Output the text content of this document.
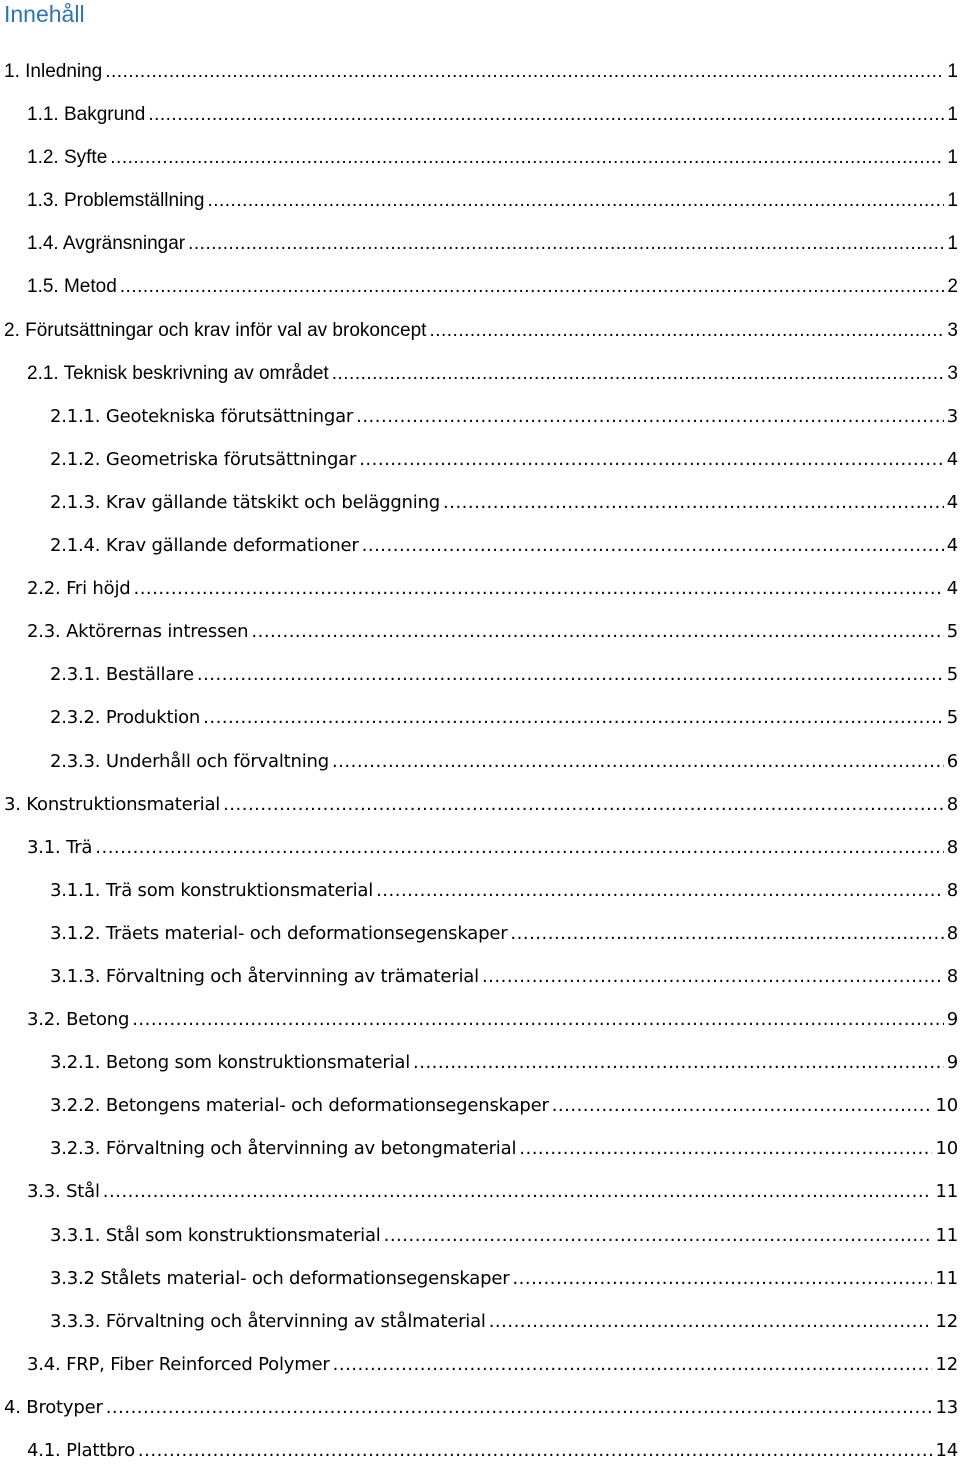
Innehåll
1. Inledning .....	1
1.1. Bakgrund .....	1
1.2. Syfte .....	1
1.3. Problemställning .....	1
1.4. Avgränsningar .....	1
1.5. Metod .....	2
2. Förutsättningar och krav inför val av brokoncept .....	3
2.1. Teknisk beskrivning av området .....	3
2.1.1. Geotekniska förutsättningar .....	3
2.1.2. Geometriska förutsättningar .....	4
2.1.3. Krav gällande tätskikt och beläggning .....	4
2.1.4. Krav gällande deformationer .....	4
2.2. Fri höjd .....	4
2.3. Aktörernas intressen .....	5
2.3.1. Beställare .....	5
2.3.2. Produktion .....	5
2.3.3. Underhåll och förvaltning .....	6
3. Konstruktionsmaterial .....	8
3.1. Trä .....	8
3.1.1. Trä som konstruktionsmaterial .....	8
3.1.2. Träets material- och deformationsegenskaper .....	8
3.1.3. Förvaltning och återvinning av trämaterial .....	8
3.2. Betong .....	9
3.2.1. Betong som konstruktionsmaterial .....	9
3.2.2. Betongens material- och deformationsegenskaper .....	10
3.2.3. Förvaltning och återvinning av betongmaterial .....	10
3.3. Stål .....	11
3.3.1. Stål som konstruktionsmaterial .....	11
3.3.2 Stålets material- och deformationsegenskaper .....	11
3.3.3. Förvaltning och återvinning av stålmaterial .....	12
3.4. FRP, Fiber Reinforced Polymer .....	12
4. Brotyper .....	13
4.1. Plattbro .....	14
